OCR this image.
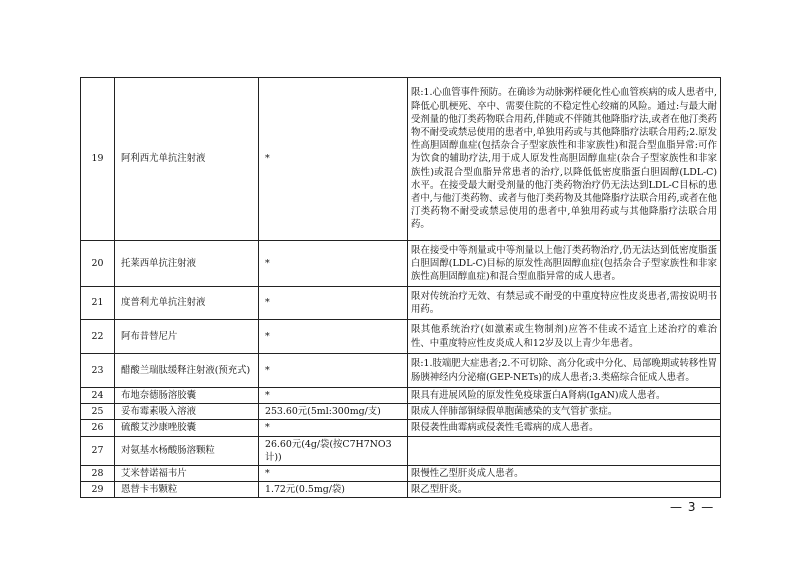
19	阿利西尤单抗注射液	*	限:1.心血管事件预防。在确诊为动脉粥样硬化性心血管疾病的成人患者中,降低心肌梗死、卒中、需要住院的不稳定性心绞痛的风险。通过:与最大耐受剂量的他汀类药物联合用药,伴随或不伴随其他降脂疗法,或者在他汀类药物不耐受或禁忌使用的患者中,单独用药或与其他降脂疗法联合用药;2.原发性高胆固醇血症(包括杂合子型家族性和非家族性)和混合型血脂异常:可作为饮食的辅助疗法,用于成人原发性高胆固醇血症(杂合子型家族性和非家族性)或混合型血脂异常患者的治疗,以降低低密度脂蛋白胆固醇(LDL-C)水平。在接受最大耐受剂量的他汀类药物治疗仍无法达到LDL-C目标的患者中,与他汀类药物、或者与他汀类药物及其他降脂疗法联合用药,或者在他汀类药物不耐受或禁忌使用的患者中,单独用药或与其他降脂疗法联合用药。
20	托莱西单抗注射液	*	限在接受中等剂量或中等剂量以上他汀类药物治疗,仍无法达到低密度脂蛋白胆固醇(LDL-C)目标的原发性高胆固醇血症(包括杂合子型家族性和非家族性高胆固醇血症)和混合型血脂异常的成人患者。
21	度普利尤单抗注射液	*	限对传统治疗无效、有禁忌或不耐受的中重度特应性皮炎患者,需按说明书用药。
22	阿布昔替尼片	*	限其他系统治疗(如激素或生物制剂)应答不佳或不适宜上述治疗的难治性、中重度特应性皮炎成人和12岁及以上青少年患者。
23	醋酸兰瑞肽缓释注射液(预充式)	*	限:1.肢端肥大症患者;2.不可切除、高分化或中分化、局部晚期或转移性胃肠胰神经内分泌瘤(GEP-NETs)的成人患者;3.类癌综合征成人患者。
24	布地奈德肠溶胶囊	*	限具有进展风险的原发性免疫球蛋白A肾病(IgAN)成人患者。
25	妥布霉素吸入溶液	253.60元(5ml:300mg/支)	限成人伴肺部铜绿假单胞菌感染的支气管扩张症。
26	硫酸艾沙康唑胶囊	*	限侵袭性曲霉病或侵袭性毛霉病的成人患者。
27	对氨基水杨酸肠溶颗粒	26.60元(4g/袋(按C7H7NO3计))	
28	艾米替诺福韦片	*	限慢性乙型肝炎成人患者。
29	恩替卡韦颗粒	1.72元(0.5mg/袋)	限乙型肝炎。
— 3 —
